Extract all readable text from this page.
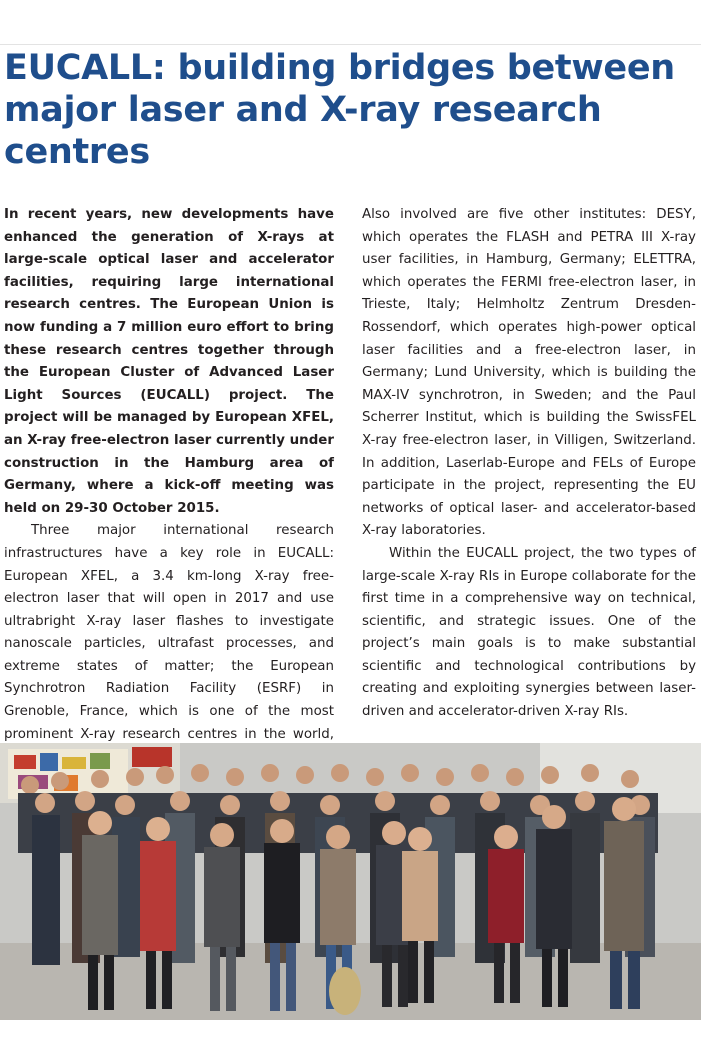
EUCALL: building bridges between major laser and X-ray research centres

In recent years, new developments have enhanced the generation of X-rays at large-scale optical laser and accelerator facilities, requiring large international research centres. The European Union is now funding a 7 million euro effort to bring these research centres together through the European Cluster of Advanced Laser Light Sources (EUCALL) project. The project will be managed by European XFEL, an X-ray free-electron laser currently under construction in the Hamburg area of Germany, where a kick-off meeting was held on 29-30 October 2015.

Three major international research infrastructures have a key role in EUCALL: European XFEL, a 3.4 km-long X-ray free-electron laser that will open in 2017 and use ultrabright X-ray laser flashes to investigate nanoscale particles, ultrafast processes, and extreme states of matter; the European Synchrotron Radiation Facility (ESRF) in Grenoble, France, which is one of the most prominent X-ray research centres in the world,

Also involved are five other institutes: DESY, which operates the FLASH and PETRA III X-ray user facilities, in Hamburg, Germany; ELETTRA, which operates the FERMI free-electron laser, in Trieste, Italy; Helmholtz Zentrum Dresden-Rossendorf, which operates high-power optical laser facilities and a free-electron laser, in Germany; Lund University, which is building the MAX-IV synchrotron, in Sweden; and the Paul Scherrer Institut, which is building the SwissFEL X-ray free-electron laser, in Villigen, Switzerland. In addition, Laserlab-Europe and FELs of Europe participate in the project, representing the EU networks of optical laser- and accelerator-based X-ray laboratories.

Within the EUCALL project, the two types of large-scale X-ray RIs in Europe collaborate for the first time in a comprehensive way on technical, scientific, and strategic issues. One of the project’s main goals is to make substantial scientific and technological contributions by creating and exploiting synergies between laser-driven and accelerator-driven X-ray RIs.
